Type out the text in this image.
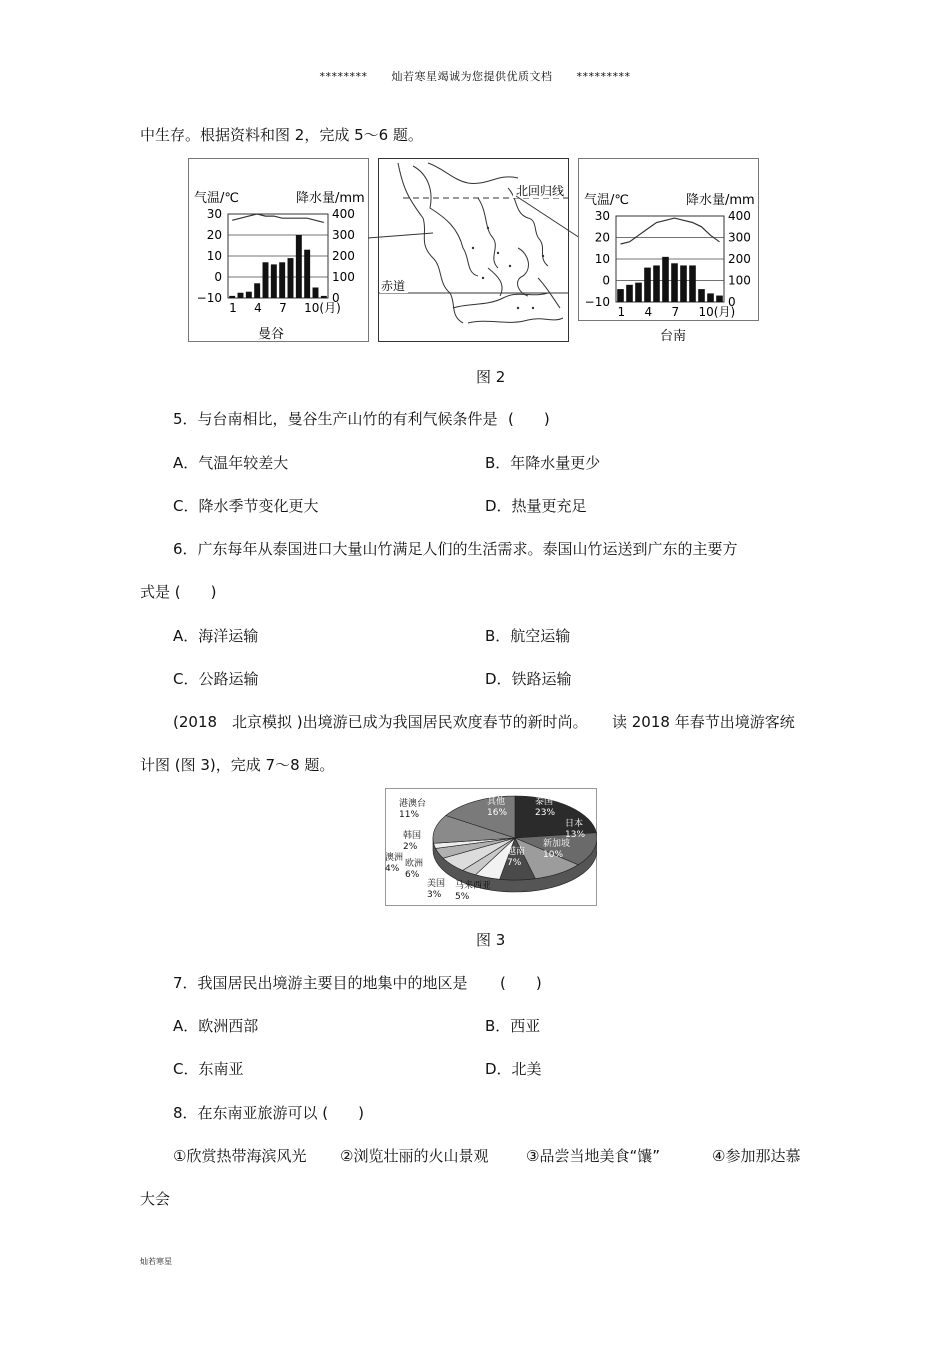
******** 灿若寒星竭诚为您提供优质文档 *********
中生存。根据资料和图 2，完成 5～6 题。
气温/℃	降水量/mm
30
20
10
0
−10
400
300
200
100
0
1 4 7 10(月)
曼谷
北回归线
赤道
气温/℃	降水量/mm
30
20
10
0
−10
400
300
200
100
0
1 4 7 10(月)
台南
图 2
5．与台南相比，曼谷生产山竹的有利气候条件是 (　　)
A．气温年较差大	B．年降水量更少
C．降水季节变化更大	D．热量更充足
6．广东每年从泰国进口大量山竹满足人们的生活需求。泰国山竹运送到广东的主要方
式是 (　　)
A．海洋运输	B．航空运输
C．公路运输	D．铁路运输
(2018　北京模拟 )出境游已成为我国居民欢度春节的新时尚。 读 2018 年春节出境游客统
计图 (图 3)，完成 7～8 题。
泰国
23%
日本
13%
新加坡
10%
越南
7%
马来西亚
5%
美国
3%
欧洲
6%
澳洲
4%
韩国
2%
港澳台
11%
其他
16%
图 3
7．我国居民出境游主要目的地集中的地区是 (　　)
A．欧洲西部	B．西亚
C．东南亚	D．北美
8．在东南亚旅游可以 (　　)
①欣赏热带海滨风光 ②浏览壮丽的火山景观	③品尝当地美食“馕”	④参加那达慕
大会
灿若寒星
